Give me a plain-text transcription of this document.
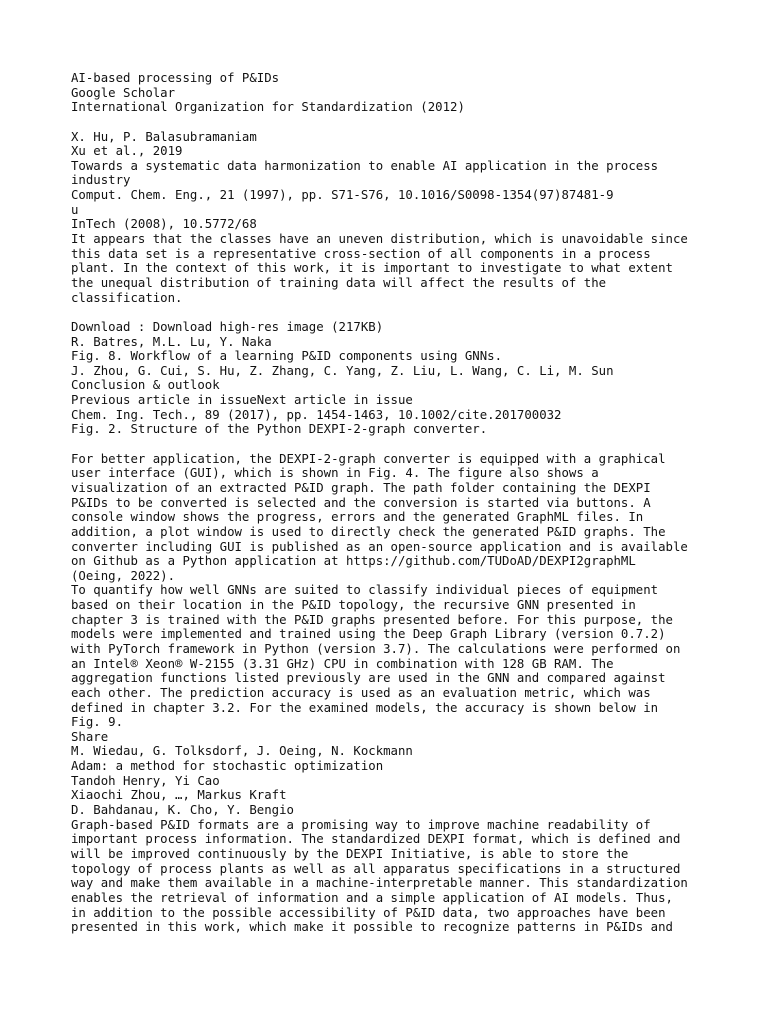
AI-based processing of P&IDs
Google Scholar
International Organization for Standardization (2012)
X. Hu, P. Balasubramaniam
Xu et al., 2019
Towards a systematic data harmonization to enable AI application in the process
industry
Comput. Chem. Eng., 21 (1997), pp. S71-S76, 10.1016/S0098-1354(97)87481-9
u
InTech (2008), 10.5772/68
It appears that the classes have an uneven distribution, which is unavoidable since
this data set is a representative cross-section of all components in a process
plant. In the context of this work, it is important to investigate to what extent
the unequal distribution of training data will affect the results of the
classification.
Download : Download high-res image (217KB)
R. Batres, M.L. Lu, Y. Naka
Fig. 8. Workflow of a learning P&ID components using GNNs.
J. Zhou, G. Cui, S. Hu, Z. Zhang, C. Yang, Z. Liu, L. Wang, C. Li, M. Sun
Conclusion & outlook
Previous article in issueNext article in issue
Chem. Ing. Tech., 89 (2017), pp. 1454-1463, 10.1002/cite.201700032
Fig. 2. Structure of the Python DEXPI-2-graph converter.
For better application, the DEXPI-2-graph converter is equipped with a graphical
user interface (GUI), which is shown in Fig. 4. The figure also shows a
visualization of an extracted P&ID graph. The path folder containing the DEXPI
P&IDs to be converted is selected and the conversion is started via buttons. A
console window shows the progress, errors and the generated GraphML files. In
addition, a plot window is used to directly check the generated P&ID graphs. The
converter including GUI is published as an open-source application and is available
on Github as a Python application at https://github.com/TUDoAD/DEXPI2graphML
(Oeing, 2022).
To quantify how well GNNs are suited to classify individual pieces of equipment
based on their location in the P&ID topology, the recursive GNN presented in
chapter 3 is trained with the P&ID graphs presented before. For this purpose, the
models were implemented and trained using the Deep Graph Library (version 0.7.2)
with PyTorch framework in Python (version 3.7). The calculations were performed on
an Intel® Xeon® W-2155 (3.31 GHz) CPU in combination with 128 GB RAM. The
aggregation functions listed previously are used in the GNN and compared against
each other. The prediction accuracy is used as an evaluation metric, which was
defined in chapter 3.2. For the examined models, the accuracy is shown below in
Fig. 9.
Share
M. Wiedau, G. Tolksdorf, J. Oeing, N. Kockmann
Adam: a method for stochastic optimization
Tandoh Henry, Yi Cao
Xiaochi Zhou, …, Markus Kraft
D. Bahdanau, K. Cho, Y. Bengio
Graph-based P&ID formats are a promising way to improve machine readability of
important process information. The standardized DEXPI format, which is defined and
will be improved continuously by the DEXPI Initiative, is able to store the
topology of process plants as well as all apparatus specifications in a structured
way and make them available in a machine-interpretable manner. This standardization
enables the retrieval of information and a simple application of AI models. Thus,
in addition to the possible accessibility of P&ID data, two approaches have been
presented in this work, which make it possible to recognize patterns in P&IDs and
